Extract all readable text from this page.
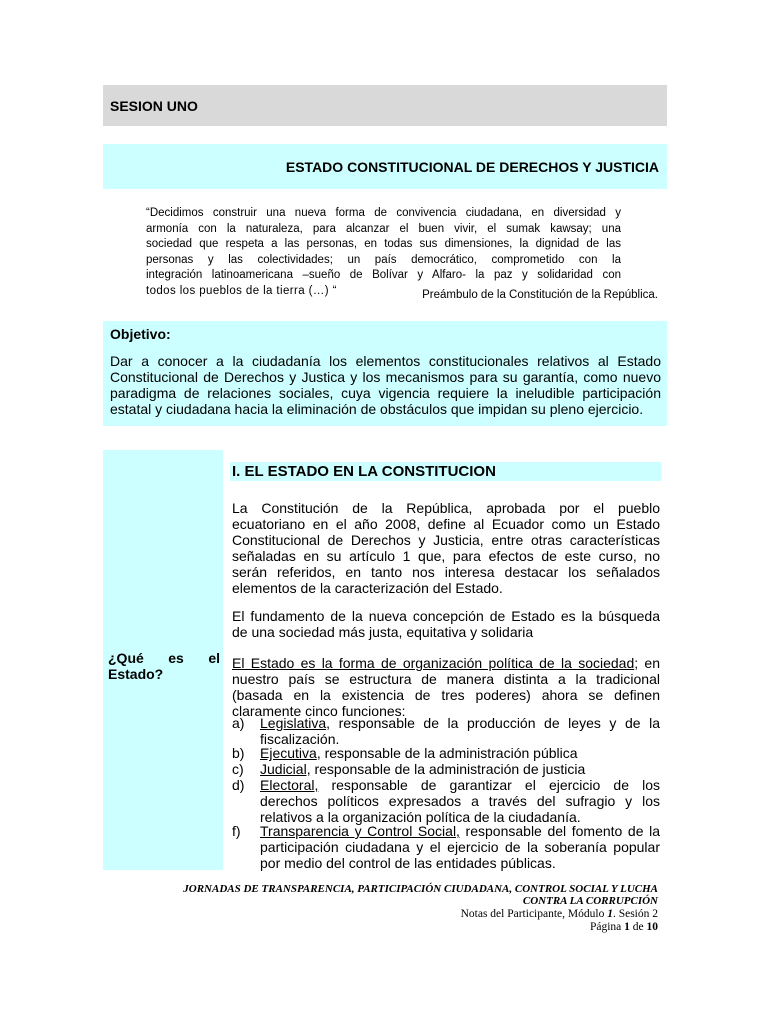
SESION UNO
ESTADO CONSTITUCIONAL DE DERECHOS Y JUSTICIA
“Decidimos construir una nueva forma de convivencia ciudadana, en diversidad y
armonía con la naturaleza, para alcanzar el buen vivir, el sumak kawsay; una
sociedad que respeta a las personas, en todas sus dimensiones, la dignidad de las
personas y las colectividades; un país democrático, comprometido con la
integración latinoamericana –sueño de Bolívar y Alfaro- la paz y solidaridad con
todos los pueblos de la tierra (…) “	Preámbulo de la Constitución de la República.
Objetivo:
Dar a conocer a la ciudadanía los elementos constitucionales relativos al Estado
Constitucional de Derechos y Justica y los mecanismos para su garantía, como nuevo
paradigma de relaciones sociales, cuya vigencia requiere la ineludible participación
estatal y ciudadana hacia la eliminación de obstáculos que impidan su pleno ejercicio.
¿Qué es el
Estado?
I. EL ESTADO EN LA CONSTITUCION
La Constitución de la República, aprobada por el pueblo
ecuatoriano en el año 2008, define al Ecuador como un Estado
Constitucional de Derechos y Justicia, entre otras características
señaladas en su artículo 1 que, para efectos de este curso, no
serán referidos, en tanto nos interesa destacar los señalados
elementos de la caracterización del Estado.
El fundamento de la nueva concepción de Estado es la búsqueda
de una sociedad más justa, equitativa y solidaria
El Estado es la forma de organización política de la sociedad; en
nuestro país se estructura de manera distinta a la tradicional
(basada en la existencia de tres poderes) ahora se definen
claramente cinco funciones:
a) Legislativa, responsable de la producción de leyes y de la
fiscalización.
b) Ejecutiva, responsable de la administración pública
c) Judicial, responsable de la administración de justicia
d) Electoral, responsable de garantizar el ejercicio de los
derechos políticos expresados a través del sufragio y los
relativos a la organización política de la ciudadanía.
f) Transparencia y Control Social, responsable del fomento de la
participación ciudadana y el ejercicio de la soberanía popular
por medio del control de las entidades públicas.
JORNADAS DE TRANSPARENCIA, PARTICIPACIÓN CIUDADANA, CONTROL SOCIAL Y LUCHA
CONTRA LA CORRUPCIÓN
Notas del Participante, Módulo 1. Sesión 2
Página 1 de 10
